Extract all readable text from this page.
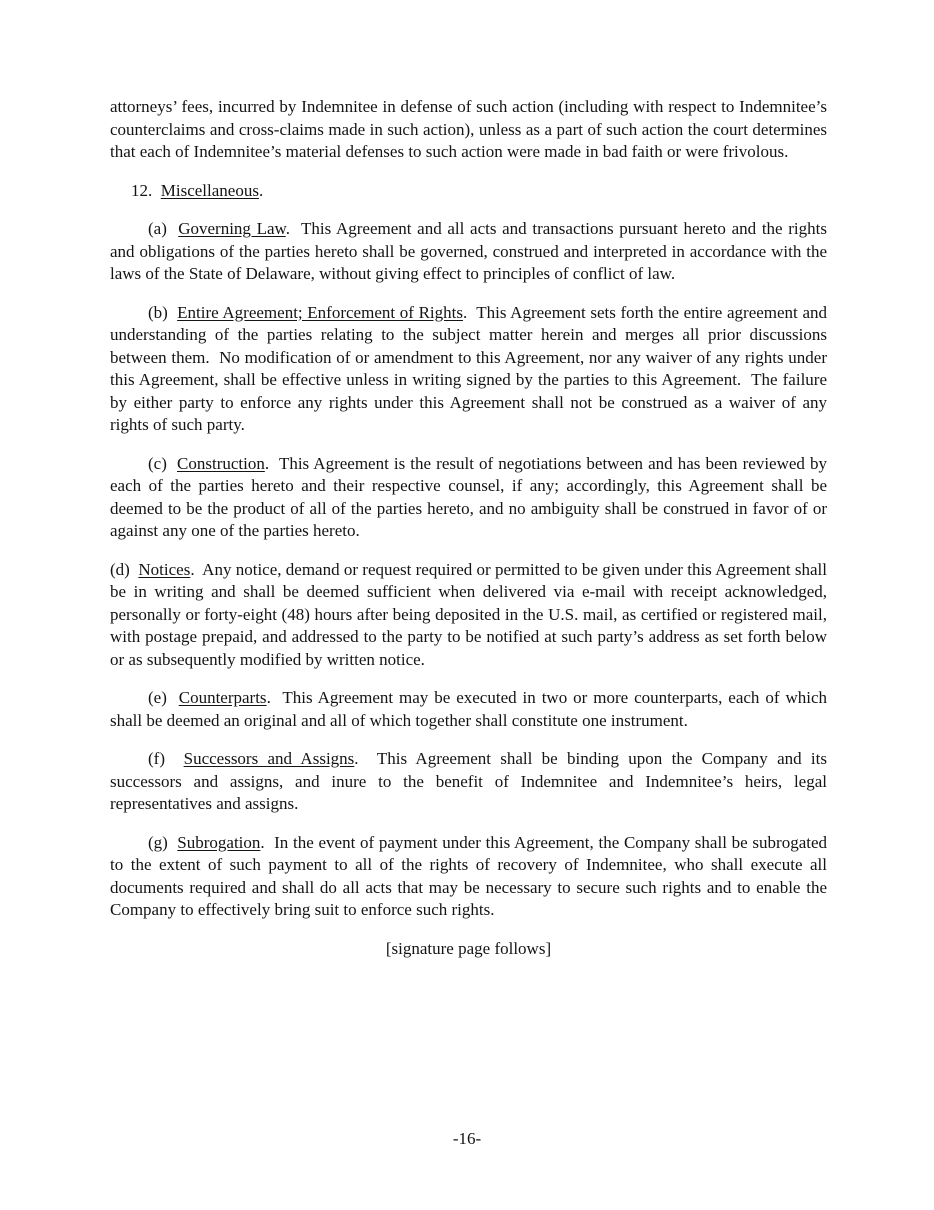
attorneys’ fees, incurred by Indemnitee in defense of such action (including with respect to Indemnitee’s counterclaims and cross-claims made in such action), unless as a part of such action the court determines that each of Indemnitee’s material defenses to such action were made in bad faith or were frivolous.

12.  Miscellaneous.

(a)  Governing Law.  This Agreement and all acts and transactions pursuant hereto and the rights and obligations of the parties hereto shall be governed, construed and interpreted in accordance with the laws of the State of Delaware, without giving effect to principles of conflict of law.

(b)  Entire Agreement; Enforcement of Rights.  This Agreement sets forth the entire agreement and understanding of the parties relating to the subject matter herein and merges all prior discussions between them.  No modification of or amendment to this Agreement, nor any waiver of any rights under this Agreement, shall be effective unless in writing signed by the parties to this Agreement.  The failure by either party to enforce any rights under this Agreement shall not be construed as a waiver of any rights of such party.

(c)  Construction.  This Agreement is the result of negotiations between and has been reviewed by each of the parties hereto and their respective counsel, if any; accordingly, this Agreement shall be deemed to be the product of all of the parties hereto, and no ambiguity shall be construed in favor of or against any one of the parties hereto.

(d)  Notices.  Any notice, demand or request required or permitted to be given under this Agreement shall be in writing and shall be deemed sufficient when delivered via e-mail with receipt acknowledged, personally or forty-eight (48) hours after being deposited in the U.S. mail, as certified or registered mail, with postage prepaid, and addressed to the party to be notified at such party’s address as set forth below or as subsequently modified by written notice.

(e)  Counterparts.  This Agreement may be executed in two or more counterparts, each of which shall be deemed an original and all of which together shall constitute one instrument.

(f)  Successors and Assigns.  This Agreement shall be binding upon the Company and its successors and assigns, and inure to the benefit of Indemnitee and Indemnitee’s heirs, legal representatives and assigns.

(g)  Subrogation.  In the event of payment under this Agreement, the Company shall be subrogated to the extent of such payment to all of the rights of recovery of Indemnitee, who shall execute all documents required and shall do all acts that may be necessary to secure such rights and to enable the Company to effectively bring suit to enforce such rights.

[signature page follows]

-16-
